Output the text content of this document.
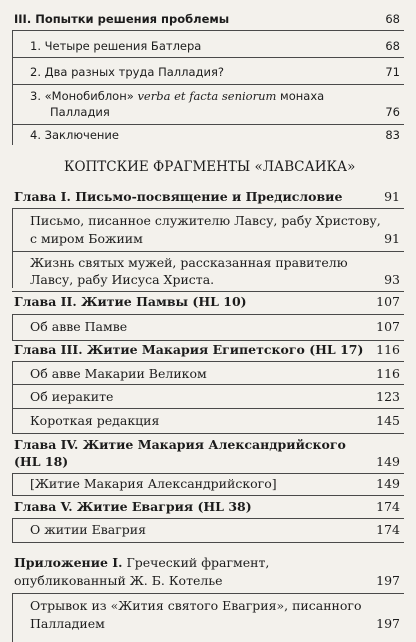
III. Попытки решения проблемы	68
1. Четыре решения Батлера	68
2. Два разных труда Палладия?	71
3. «Монобиблон» verba et facta seniorum монаха
Палладия	76
4. Заключение	83
КОПТСКИЕ ФРАГМЕНТЫ «ЛАВСАИКА»
Глава I. Письмо-посвящение и Предисловие	91
Письмо, писанное служителю Лавсу, рабу Христову,
с миром Божиим	91
Жизнь святых мужей, рассказанная правителю
Лавсу, рабу Иисуса Христа.	93
Глава II. Житие Памвы (HL 10)	107
Об авве Памве	107
Глава III. Житие Макария Египетского (HL 17) 116
Об авве Макарии Великом	116
Об иераките	123
Короткая редакция	145
Глава IV. Житие Макария Александрийского
(HL 18)	149
[Житие Макария Александрийского]	149
Глава V. Житие Евагрия (HL 38)	174
О житии Евагрия	174
Приложение I. Греческий фрагмент,
опубликованный Ж. Б. Котелье	197
Отрывок из «Жития святого Евагрия», писанного
Палладием	197
